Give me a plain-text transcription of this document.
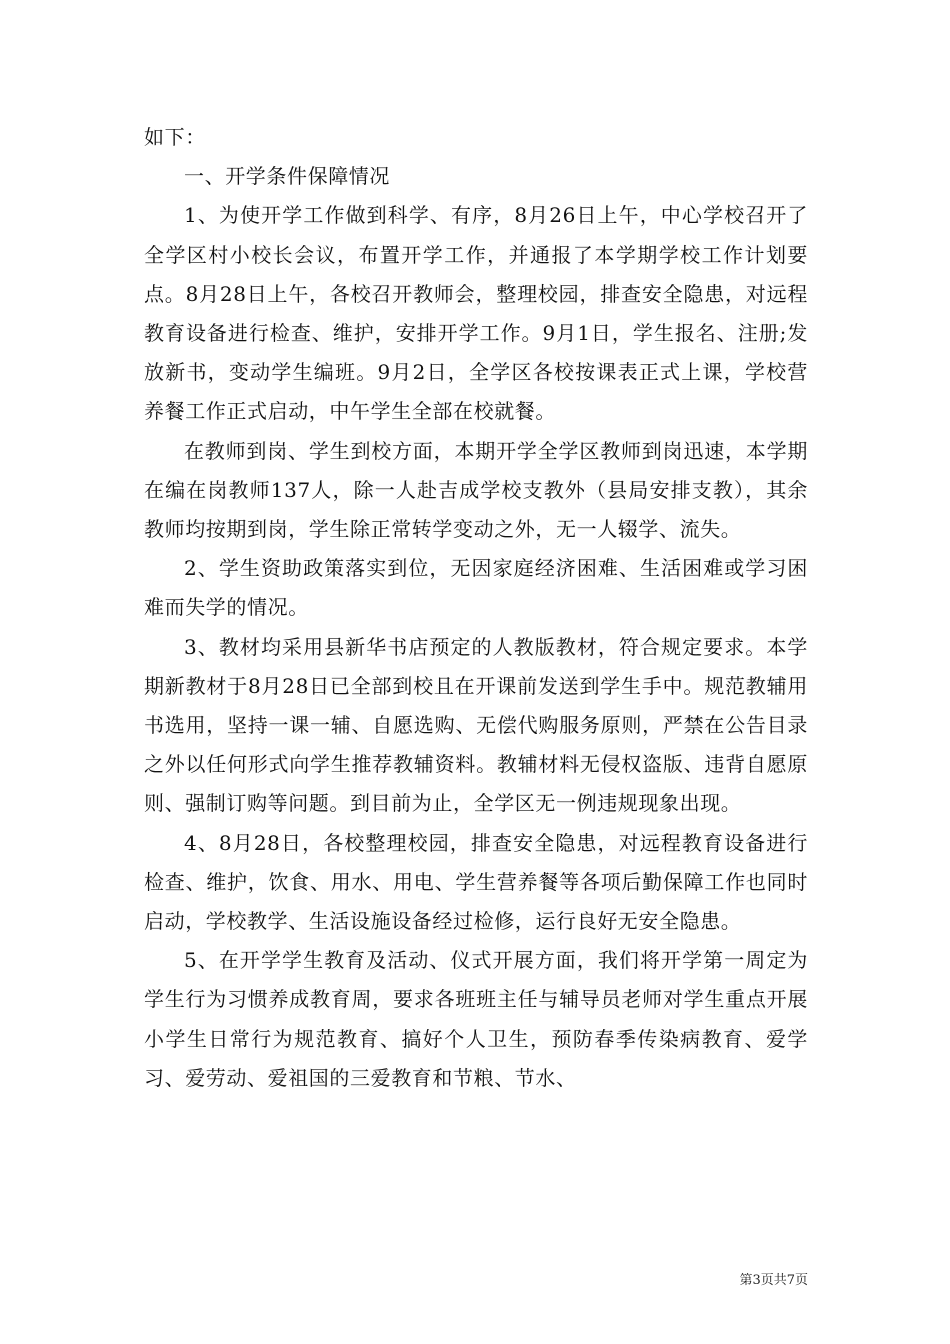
如下：

一、开学条件保障情况

1、为使开学工作做到科学、有序，8月26日上午，中心学校召开了全学区村小校长会议，布置开学工作，并通报了本学期学校工作计划要点。8月28日上午，各校召开教师会，整理校园，排查安全隐患，对远程教育设备进行检查、维护，安排开学工作。9月1日，学生报名、注册;发放新书，变动学生编班。9月2日，全学区各校按课表正式上课，学校营养餐工作正式启动，中午学生全部在校就餐。

在教师到岗、学生到校方面，本期开学全学区教师到岗迅速，本学期在编在岗教师137人，除一人赴吉成学校支教外（县局安排支教），其余教师均按期到岗，学生除正常转学变动之外，无一人辍学、流失。

2、学生资助政策落实到位，无因家庭经济困难、生活困难或学习困难而失学的情况。

3、教材均采用县新华书店预定的人教版教材，符合规定要求。本学期新教材于8月28日已全部到校且在开课前发送到学生手中。规范教辅用书选用，坚持一课一辅、自愿选购、无偿代购服务原则，严禁在公告目录之外以任何形式向学生推荐教辅资料。教辅材料无侵权盗版、违背自愿原则、强制订购等问题。到目前为止，全学区无一例违规现象出现。

4、8月28日，各校整理校园，排查安全隐患，对远程教育设备进行检查、维护，饮食、用水、用电、学生营养餐等各项后勤保障工作也同时启动，学校教学、生活设施设备经过检修，运行良好无安全隐患。

5、在开学学生教育及活动、仪式开展方面，我们将开学第一周定为学生行为习惯养成教育周，要求各班班主任与辅导员老师对学生重点开展小学生日常行为规范教育、搞好个人卫生，预防春季传染病教育、爱学习、爱劳动、爱祖国的三爱教育和节粮、节水、

第3页共7页
